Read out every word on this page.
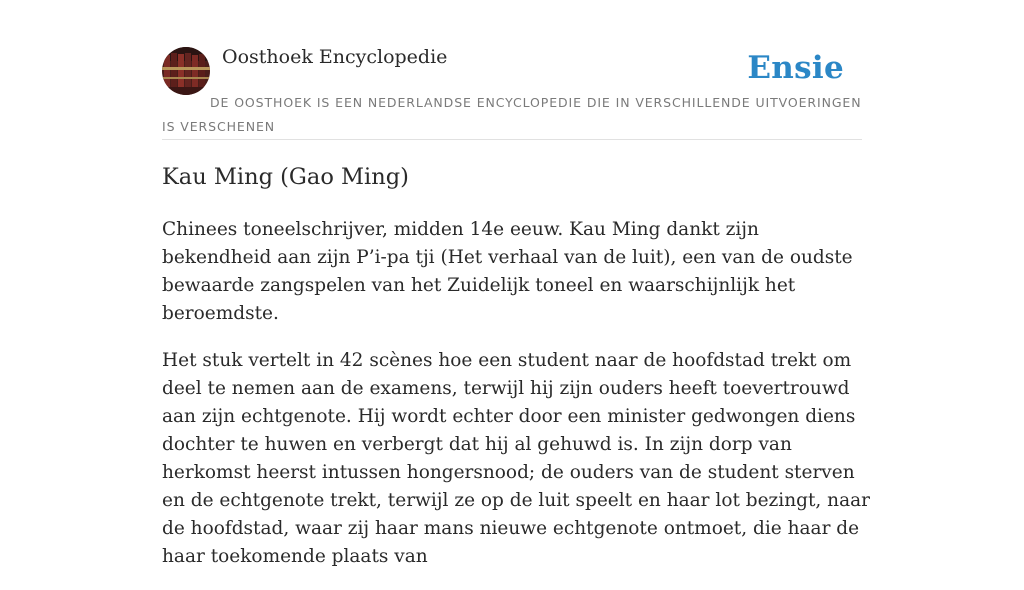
Oosthoek Encyclopedie	Ensie
DE OOSTHOEK IS EEN NEDERLANDSE ENCYCLOPEDIE DIE IN VERSCHILLENDE UITVOERINGEN IS VERSCHENEN
Kau Ming (Gao Ming)

Chinees toneelschrijver, midden 14e eeuw. Kau Ming dankt zijn bekendheid aan zijn P’i-pa tji (Het verhaal van de luit), een van de oudste bewaarde zangspelen van het Zuidelijk toneel en waarschijnlijk het beroemdste.

Het stuk vertelt in 42 scènes hoe een student naar de hoofdstad trekt om deel te nemen aan de examens, terwijl hij zijn ouders heeft toevertrouwd aan zijn echtgenote. Hij wordt echter door een minister gedwongen diens dochter te huwen en verbergt dat hij al gehuwd is. In zijn dorp van herkomst heerst intussen hongersnood; de ouders van de student sterven en de echtgenote trekt, terwijl ze op de luit speelt en haar lot bezingt, naar de hoofdstad, waar zij haar mans nieuwe echtgenote ontmoet, die haar de haar toekomende plaats van
